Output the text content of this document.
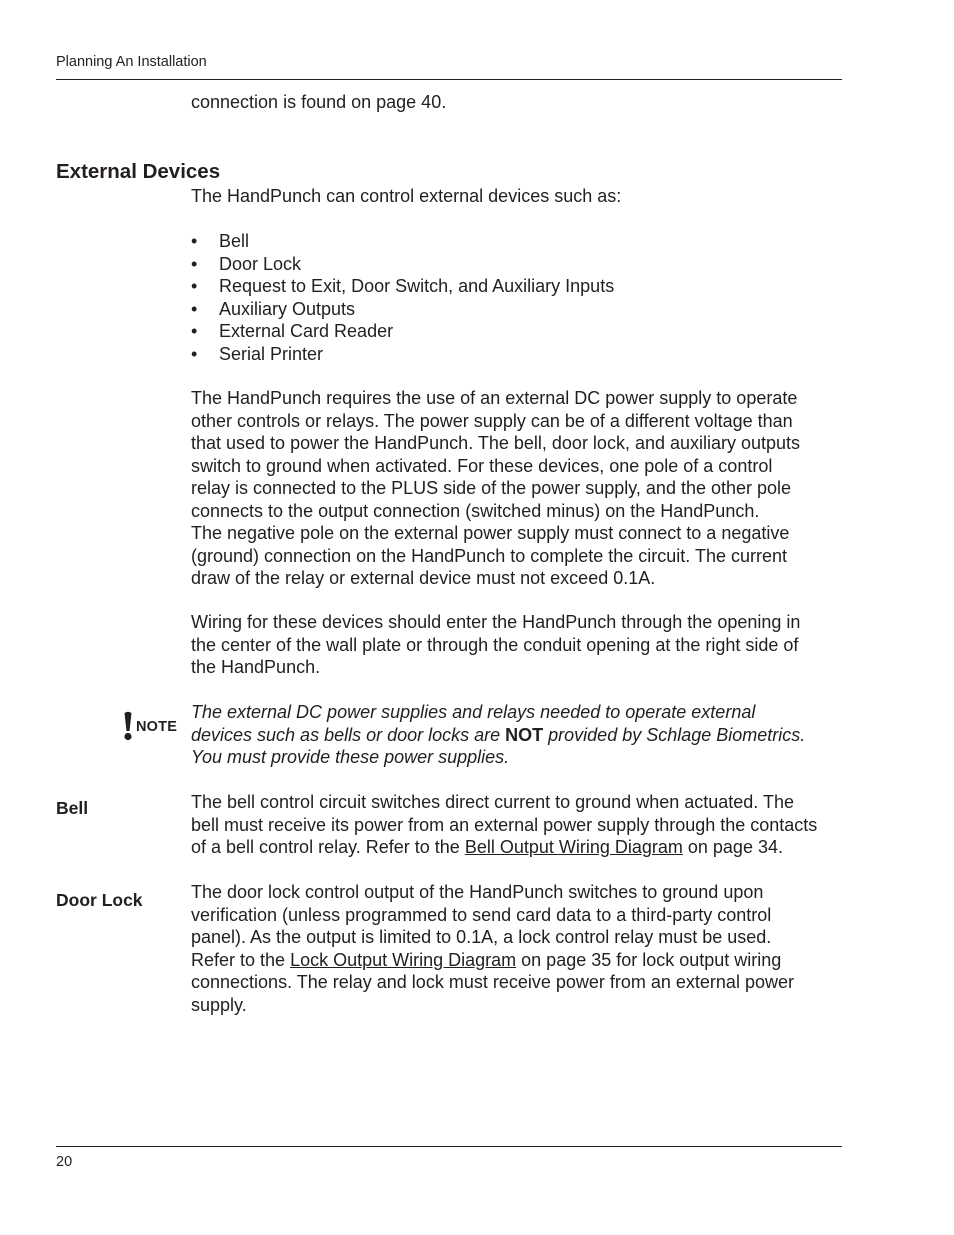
Planning An Installation

connection is found on page 40.

External Devices

The HandPunch can control external devices such as:

• Bell
• Door Lock
• Request to Exit, Door Switch, and Auxiliary Inputs
• Auxiliary Outputs
• External Card Reader
• Serial Printer

The HandPunch requires the use of an external DC power supply to operate
other controls or relays. The power supply can be of a different voltage than
that used to power the HandPunch. The bell, door lock, and auxiliary outputs
switch to ground when activated. For these devices, one pole of a control
relay is connected to the PLUS side of the power supply, and the other pole
connects to the output connection (switched minus) on the HandPunch.
The negative pole on the external power supply must connect to a negative
(ground) connection on the HandPunch to complete the circuit. The current
draw of the relay or external device must not exceed 0.1A.

Wiring for these devices should enter the HandPunch through the opening in
the center of the wall plate or through the conduit opening at the right side of
the HandPunch.

NOTE

The external DC power supplies and relays needed to operate external
devices such as bells or door locks are NOT provided by Schlage Biometrics.
You must provide these power supplies.

Bell	The bell control circuit switches direct current to ground when actuated. The
bell must receive its power from an external power supply through the contacts
of a bell control relay. Refer to the Bell Output Wiring Diagram on page 34.

Door Lock	The door lock control output of the HandPunch switches to ground upon
verification (unless programmed to send card data to a third-party control
panel). As the output is limited to 0.1A, a lock control relay must be used.
Refer to the Lock Output Wiring Diagram on page 35 for lock output wiring
connections. The relay and lock must receive power from an external power
supply.

20
